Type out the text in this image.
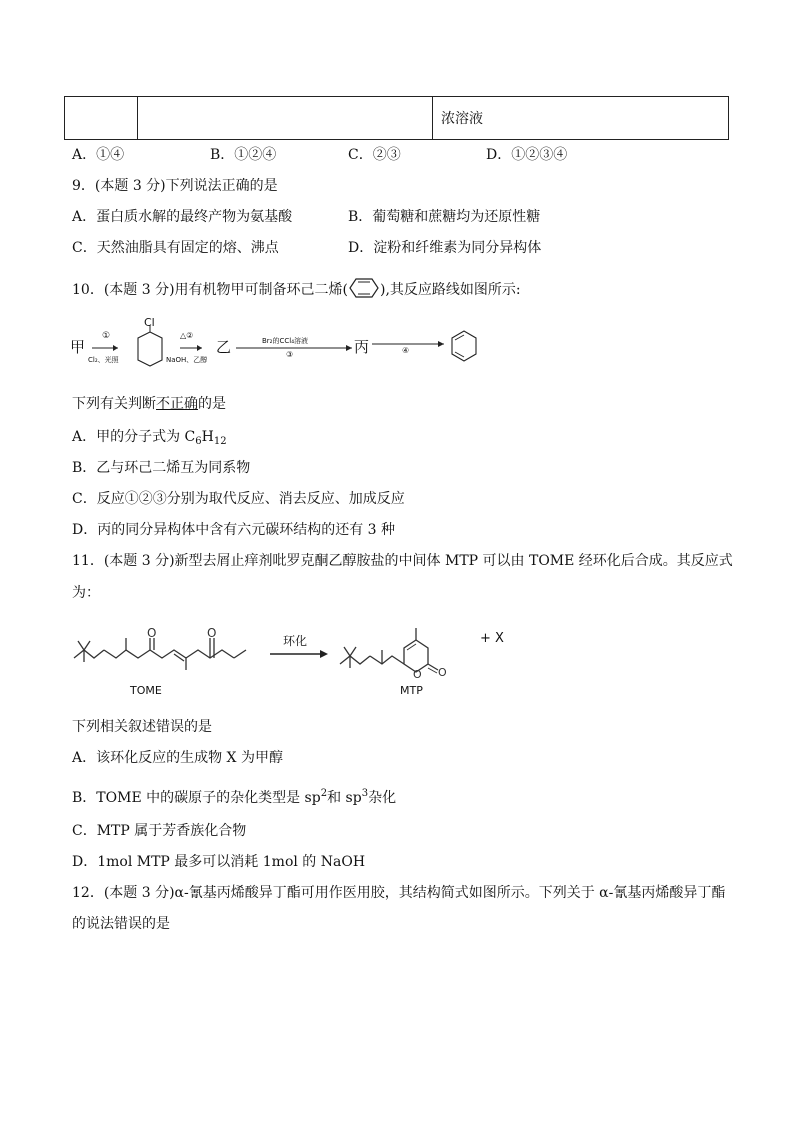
		浓溶液
A．①④	B．①②④	C．②③	D．①②③④
9．(本题 3 分)下列说法正确的是
A．蛋白质水解的最终产物为氨基酸	B．葡萄糖和蔗糖均为还原性糖
C．天然油脂具有固定的熔、沸点	D．淀粉和纤维素为同分异构体
10．(本题 3 分)用有机物甲可制备环己二烯( ),其反应路线如图所示:
甲
①
Cl₂、光照
Cl
△②
NaOH、乙醇
乙	Br₂的CCl₄溶液
③	丙	④
下列有关判断不正确的是
A．甲的分子式为 $C_6H_{12}$
B．乙与环己二烯互为同系物
C．反应①②③分别为取代反应、消去反应、加成反应
D．丙的同分异构体中含有六元碳环结构的还有 3 种
11．(本题 3 分)新型去屑止痒剂吡罗克酮乙醇胺盐的中间体 MTP 可以由 TOME 经环化后合成。其反应式
为：
O	O
TOME
环化
O O
MTP
+ X
下列相关叙述错误的是
A．该环化反应的生成物 X 为甲醇
B．TOME 中的碳原子的杂化类型是 $sp^2$和 $sp^3$杂化
C．MTP 属于芳香族化合物
D．1mol MTP 最多可以消耗 1mol 的 NaOH
12．(本题 3 分)α-氰基丙烯酸异丁酯可用作医用胶，其结构简式如图所示。下列关于 α-氰基丙烯酸异丁酯
的说法错误的是
